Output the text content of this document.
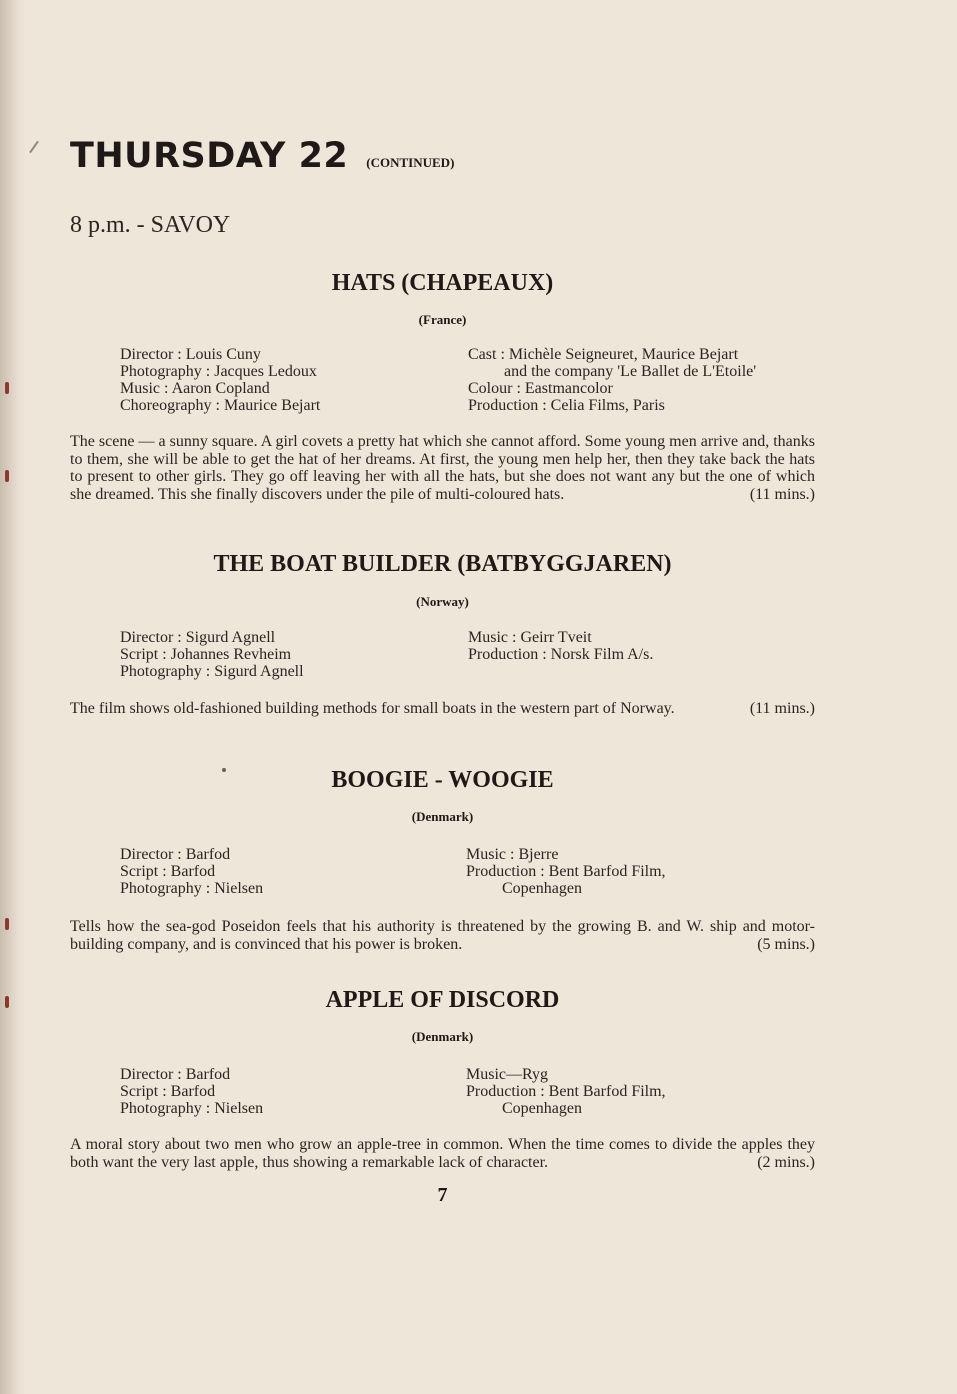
THURSDAY 22 (CONTINUED)
8 p.m. - SAVOY
HATS (CHAPEAUX)
(France)
Director : Louis Cuny
Photography : Jacques Ledoux
Music : Aaron Copland
Choreography : Maurice Bejart
Cast : Michèle Seigneuret, Maurice Bejart
and the company 'Le Ballet de L'Etoile'
Colour : Eastmancolor
Production : Celia Films, Paris
The scene — a sunny square. A girl covets a pretty hat which she cannot afford. Some young men arrive and, thanks to them, she will be able to get the hat of her dreams. At first, the young men help her, then they take back the hats to present to other girls. They go off leaving her with all the hats, but she does not want any but the one of which she dreamed. This she finally discovers under the pile of multi-coloured hats.	(11 mins.)
THE BOAT BUILDER (BATBYGGJAREN)
(Norway)
Director : Sigurd Agnell
Script : Johannes Revheim
Photography : Sigurd Agnell
Music : Geirr Tveit
Production : Norsk Film A/s.
The film shows old-fashioned building methods for small boats in the western part of Norway.	(11 mins.)
BOOGIE - WOOGIE
(Denmark)
Director : Barfod
Script : Barfod
Photography : Nielsen
Music : Bjerre
Production : Bent Barfod Film,
Copenhagen
Tells how the sea-god Poseidon feels that his authority is threatened by the growing B. and W. ship and motor-building company, and is convinced that his power is broken.	(5 mins.)
APPLE OF DISCORD
(Denmark)
Director : Barfod
Script : Barfod
Photography : Nielsen
Music—Ryg
Production : Bent Barfod Film,
Copenhagen
A moral story about two men who grow an apple-tree in common. When the time comes to divide the apples they both want the very last apple, thus showing a remarkable lack of character.	(2 mins.)
7
